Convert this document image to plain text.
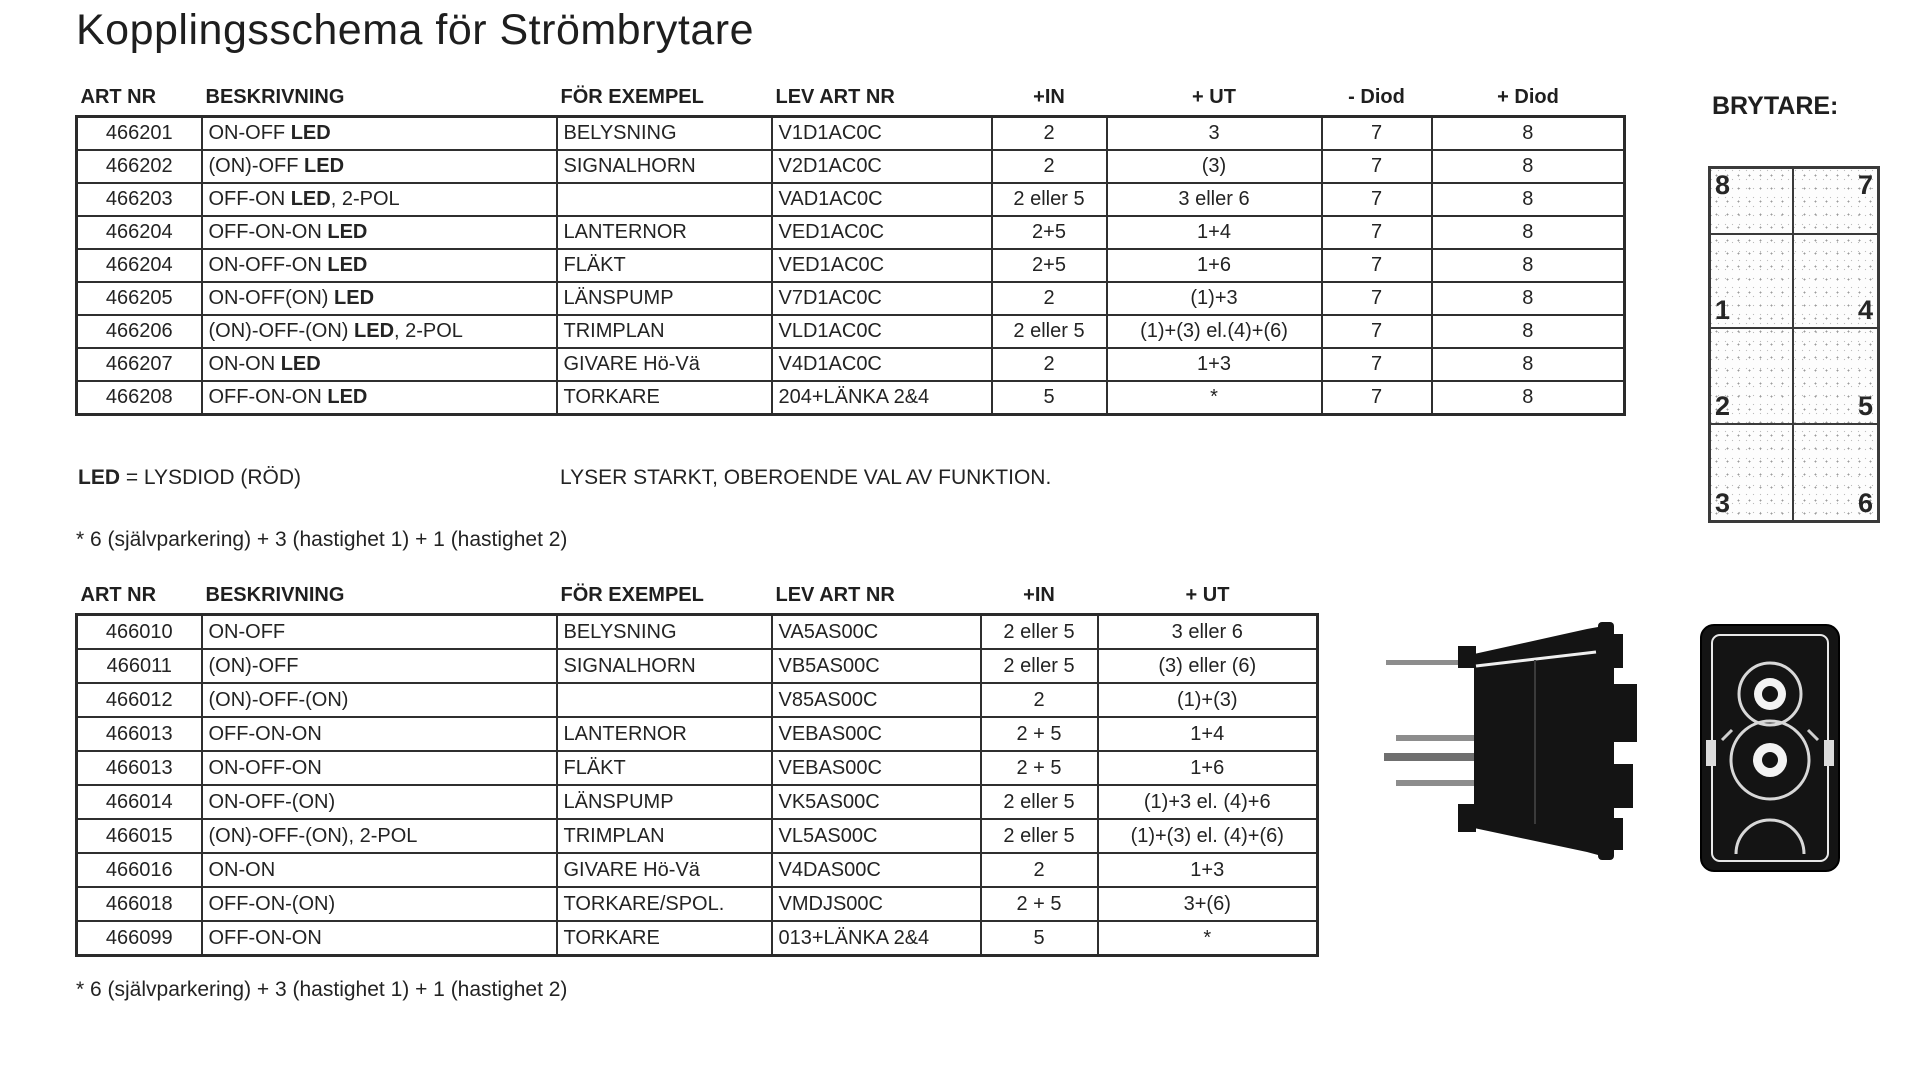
Kopplingsschema för Strömbrytare
ART NR	BESKRIVNING	FÖR EXEMPEL	LEV ART NR	+IN	+ UT	- Diod	+ Diod
466201	ON-OFF LED	BELYSNING	V1D1AC0C	2	3	7	8
466202	(ON)-OFF LED	SIGNALHORN	V2D1AC0C	2	(3)	7	8
466203	OFF-ON LED, 2-POL		VAD1AC0C	2 eller 5	3 eller 6	7	8
466204	OFF-ON-ON LED	LANTERNOR	VED1AC0C	2+5	1+4	7	8
466204	ON-OFF-ON LED	FLÄKT	VED1AC0C	2+5	1+6	7	8
466205	ON-OFF(ON) LED	LÄNSPUMP	V7D1AC0C	2	(1)+3	7	8
466206	(ON)-OFF-(ON) LED, 2-POL	TRIMPLAN	VLD1AC0C	2 eller 5	(1)+(3) el.(4)+(6)	7	8
466207	ON-ON LED	GIVARE Hö-Vä	V4D1AC0C	2	1+3	7	8
466208	OFF-ON-ON LED	TORKARE	204+LÄNKA 2&4	5	*	7	8
LED = LYSDIOD (RÖD)	LYSER STARKT, OBEROENDE VAL AV FUNKTION.
* 6 (självparkering) + 3 (hastighet 1) + 1 (hastighet 2)
ART NR	BESKRIVNING	FÖR EXEMPEL	LEV ART NR	+IN	+ UT
466010	ON-OFF	BELYSNING	VA5AS00C	2 eller 5	3 eller 6
466011	(ON)-OFF	SIGNALHORN	VB5AS00C	2 eller 5	(3) eller (6)
466012	(ON)-OFF-(ON)		V85AS00C	2	(1)+(3)
466013	OFF-ON-ON	LANTERNOR	VEBAS00C	2 + 5	1+4
466013	ON-OFF-ON	FLÄKT	VEBAS00C	2 + 5	1+6
466014	ON-OFF-(ON)	LÄNSPUMP	VK5AS00C	2 eller 5	(1)+3 el. (4)+6
466015	(ON)-OFF-(ON), 2-POL	TRIMPLAN	VL5AS00C	2 eller 5	(1)+(3) el. (4)+(6)
466016	ON-ON	GIVARE Hö-Vä	V4DAS00C	2	1+3
466018	OFF-ON-(ON)	TORKARE/SPOL.	VMDJS00C	2 + 5	3+(6)
466099	OFF-ON-ON	TORKARE	013+LÄNKA 2&4	5	*
* 6 (självparkering) + 3 (hastighet 1) + 1 (hastighet 2)
BRYTARE:
8	7
1	4
2	5
3	6
